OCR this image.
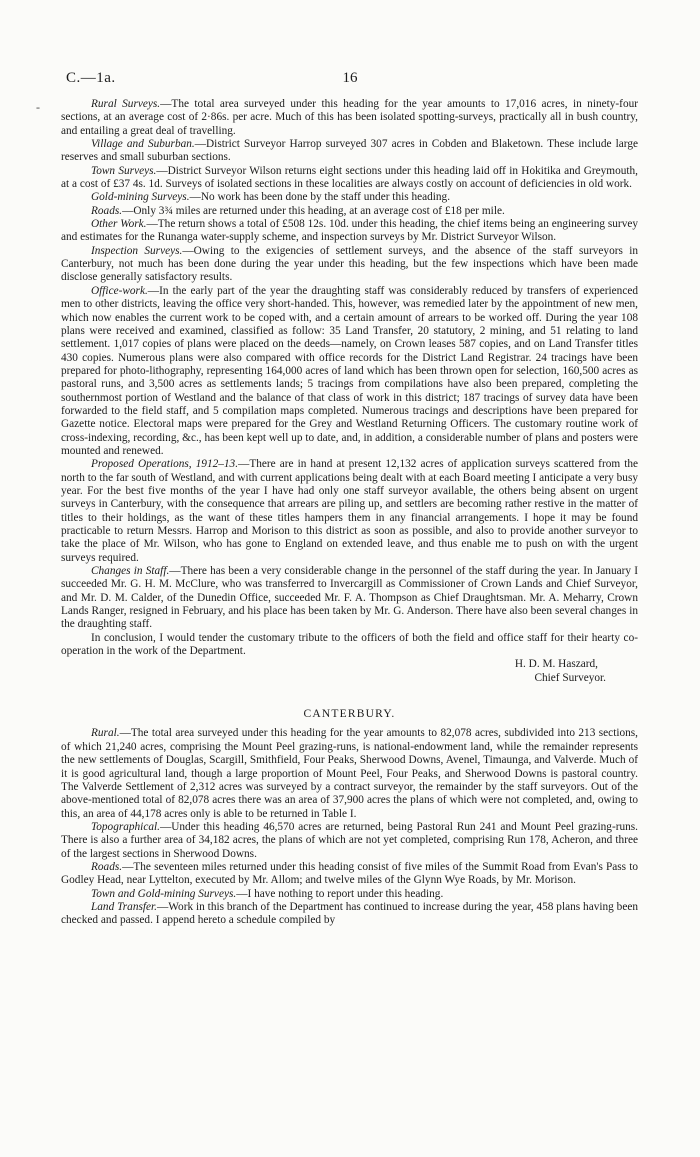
-
C.—1a.	16

Rural Surveys.—The total area surveyed under this heading for the year amounts to 17,016 acres, in ninety-four sections, at an average cost of 2·86s. per acre. Much of this has been isolated spotting-surveys, practically all in bush country, and entailing a great deal of travelling.

Village and Suburban.—District Surveyor Harrop surveyed 307 acres in Cobden and Blaketown. These include large reserves and small suburban sections.

Town Surveys.—District Surveyor Wilson returns eight sections under this heading laid off in Hokitika and Greymouth, at a cost of £37 4s. 1d. Surveys of isolated sections in these localities are always costly on account of deficiencies in old work.

Gold-mining Surveys.—No work has been done by the staff under this heading.

Roads.—Only 3¾ miles are returned under this heading, at an average cost of £18 per mile.

Other Work.—The return shows a total of £508 12s. 10d. under this heading, the chief items being an engineering survey and estimates for the Runanga water-supply scheme, and inspection surveys by Mr. District Surveyor Wilson.

Inspection Surveys.—Owing to the exigencies of settlement surveys, and the absence of the staff surveyors in Canterbury, not much has been done during the year under this heading, but the few inspections which have been made disclose generally satisfactory results.

Office-work.—In the early part of the year the draughting staff was considerably reduced by transfers of experienced men to other districts, leaving the office very short-handed. This, however, was remedied later by the appointment of new men, which now enables the current work to be coped with, and a certain amount of arrears to be worked off. During the year 108 plans were received and examined, classified as follow: 35 Land Transfer, 20 statutory, 2 mining, and 51 relating to land settlement. 1,017 copies of plans were placed on the deeds—namely, on Crown leases 587 copies, and on Land Transfer titles 430 copies. Numerous plans were also compared with office records for the District Land Registrar. 24 tracings have been prepared for photo-lithography, representing 164,000 acres of land which has been thrown open for selection, 160,500 acres as pastoral runs, and 3,500 acres as settlements lands; 5 tracings from compilations have also been prepared, completing the southernmost portion of Westland and the balance of that class of work in this district; 187 tracings of survey data have been forwarded to the field staff, and 5 compilation maps completed. Numerous tracings and descriptions have been prepared for Gazette notice. Electoral maps were prepared for the Grey and Westland Returning Officers. The customary routine work of cross-indexing, recording, &c., has been kept well up to date, and, in addition, a considerable number of plans and posters were mounted and renewed.

Proposed Operations, 1912–13.—There are in hand at present 12,132 acres of application surveys scattered from the north to the far south of Westland, and with current applications being dealt with at each Board meeting I anticipate a very busy year. For the best five months of the year I have had only one staff surveyor available, the others being absent on urgent surveys in Canterbury, with the consequence that arrears are piling up, and settlers are becoming rather restive in the matter of titles to their holdings, as the want of these titles hampers them in any financial arrangements. I hope it may be found practicable to return Messrs. Harrop and Morison to this district as soon as possible, and also to provide another surveyor to take the place of Mr. Wilson, who has gone to England on extended leave, and thus enable me to push on with the urgent surveys required.

Changes in Staff.—There has been a very considerable change in the personnel of the staff during the year. In January I succeeded Mr. G. H. M. McClure, who was transferred to Invercargill as Commissioner of Crown Lands and Chief Surveyor, and Mr. D. M. Calder, of the Dunedin Office, succeeded Mr. F. A. Thompson as Chief Draughtsman. Mr. A. Meharry, Crown Lands Ranger, resigned in February, and his place has been taken by Mr. G. Anderson. There have also been several changes in the draughting staff.

In conclusion, I would tender the customary tribute to the officers of both the field and office staff for their hearty co-operation in the work of the Department.

H. D. M. Haszard,

Chief Surveyor.

CANTERBURY.

Rural.—The total area surveyed under this heading for the year amounts to 82,078 acres, subdivided into 213 sections, of which 21,240 acres, comprising the Mount Peel grazing-runs, is national-endowment land, while the remainder represents the new settlements of Douglas, Scargill, Smithfield, Four Peaks, Sherwood Downs, Avenel, Timaunga, and Valverde. Much of it is good agricultural land, though a large proportion of Mount Peel, Four Peaks, and Sherwood Downs is pastoral country. The Valverde Settlement of 2,312 acres was surveyed by a contract surveyor, the remainder by the staff surveyors. Out of the above-mentioned total of 82,078 acres there was an area of 37,900 acres the plans of which were not completed, and, owing to this, an area of 44,178 acres only is able to be returned in Table I.

Topographical.—Under this heading 46,570 acres are returned, being Pastoral Run 241 and Mount Peel grazing-runs. There is also a further area of 34,182 acres, the plans of which are not yet completed, comprising Run 178, Acheron, and three of the largest sections in Sherwood Downs.

Roads.—The seventeen miles returned under this heading consist of five miles of the Summit Road from Evan's Pass to Godley Head, near Lyttelton, executed by Mr. Allom; and twelve miles of the Glynn Wye Roads, by Mr. Morison.

Town and Gold-mining Surveys.—I have nothing to report under this heading.

Land Transfer.—Work in this branch of the Department has continued to increase during the year, 458 plans having been checked and passed. I append hereto a schedule compiled by
